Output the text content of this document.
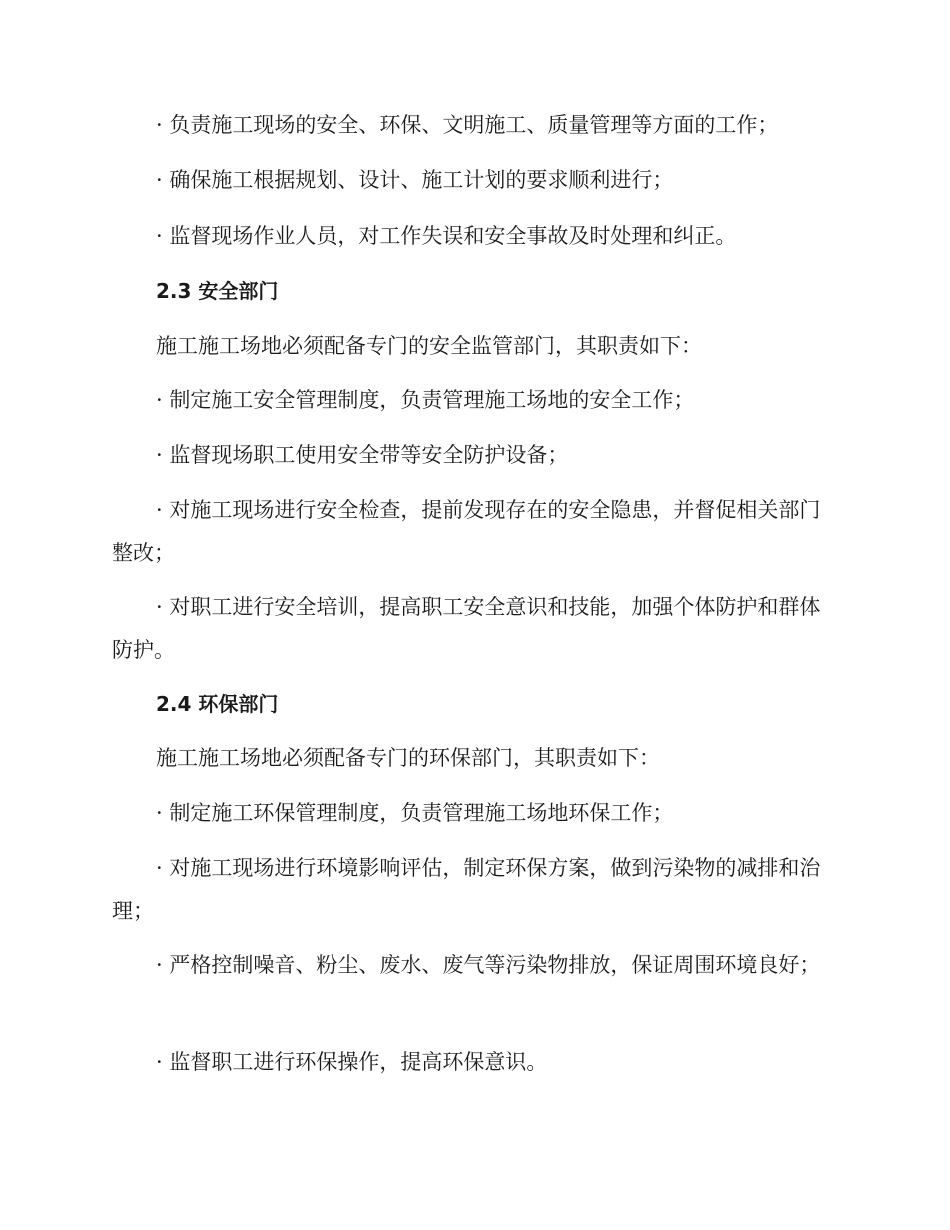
· 负责施工现场的安全、环保、文明施工、质量管理等方面的工作；

· 确保施工根据规划、设计、施工计划的要求顺利进行；

· 监督现场作业人员，对工作失误和安全事故及时处理和纠正。

2.3 安全部门

施工施工场地必须配备专门的安全监管部门，其职责如下：

· 制定施工安全管理制度，负责管理施工场地的安全工作；

· 监督现场职工使用安全带等安全防护设备；

· 对施工现场进行安全检查，提前发现存在的安全隐患，并督促相关部门整改；

· 对职工进行安全培训，提高职工安全意识和技能，加强个体防护和群体防护。

2.4 环保部门

施工施工场地必须配备专门的环保部门，其职责如下：

· 制定施工环保管理制度，负责管理施工场地环保工作；

· 对施工现场进行环境影响评估，制定环保方案，做到污染物的减排和治理；

· 严格控制噪音、粉尘、废水、废气等污染物排放，保证周围环境良好；

· 监督职工进行环保操作，提高环保意识。
